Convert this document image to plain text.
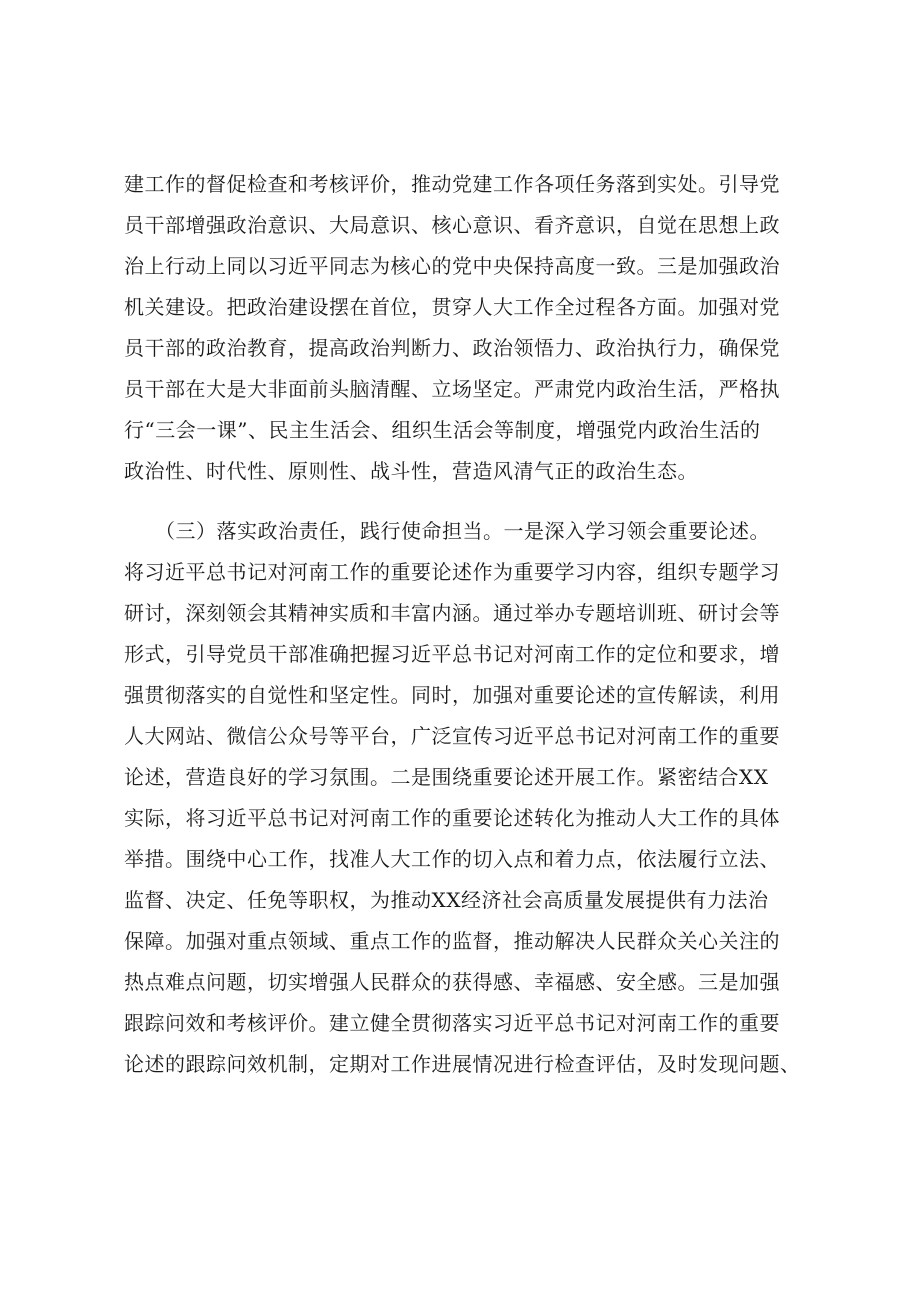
建工作的督促检查和考核评价，推动党建工作各项任务落到实处。引导党
员干部增强政治意识、大局意识、核心意识、看齐意识，自觉在思想上政
治上行动上同以习近平同志为核心的党中央保持高度一致。三是加强政治
机关建设。把政治建设摆在首位，贯穿人大工作全过程各方面。加强对党
员干部的政治教育，提高政治判断力、政治领悟力、政治执行力，确保党
员干部在大是大非面前头脑清醒、立场坚定。严肃党内政治生活，严格执
行“三会一课”、民主生活会、组织生活会等制度，增强党内政治生活的
政治性、时代性、原则性、战斗性，营造风清气正的政治生态。
　　（三）落实政治责任，践行使命担当。一是深入学习领会重要论述。
将习近平总书记对河南工作的重要论述作为重要学习内容，组织专题学习
研讨，深刻领会其精神实质和丰富内涵。通过举办专题培训班、研讨会等
形式，引导党员干部准确把握习近平总书记对河南工作的定位和要求，增
强贯彻落实的自觉性和坚定性。同时，加强对重要论述的宣传解读，利用
人大网站、微信公众号等平台，广泛宣传习近平总书记对河南工作的重要
论述，营造良好的学习氛围。二是围绕重要论述开展工作。紧密结合XX
实际，将习近平总书记对河南工作的重要论述转化为推动人大工作的具体
举措。围绕中心工作，找准人大工作的切入点和着力点，依法履行立法、
监督、决定、任免等职权，为推动XX经济社会高质量发展提供有力法治
保障。加强对重点领域、重点工作的监督，推动解决人民群众关心关注的
热点难点问题，切实增强人民群众的获得感、幸福感、安全感。三是加强
跟踪问效和考核评价。建立健全贯彻落实习近平总书记对河南工作的重要
论述的跟踪问效机制，定期对工作进展情况进行检查评估，及时发现问题、
